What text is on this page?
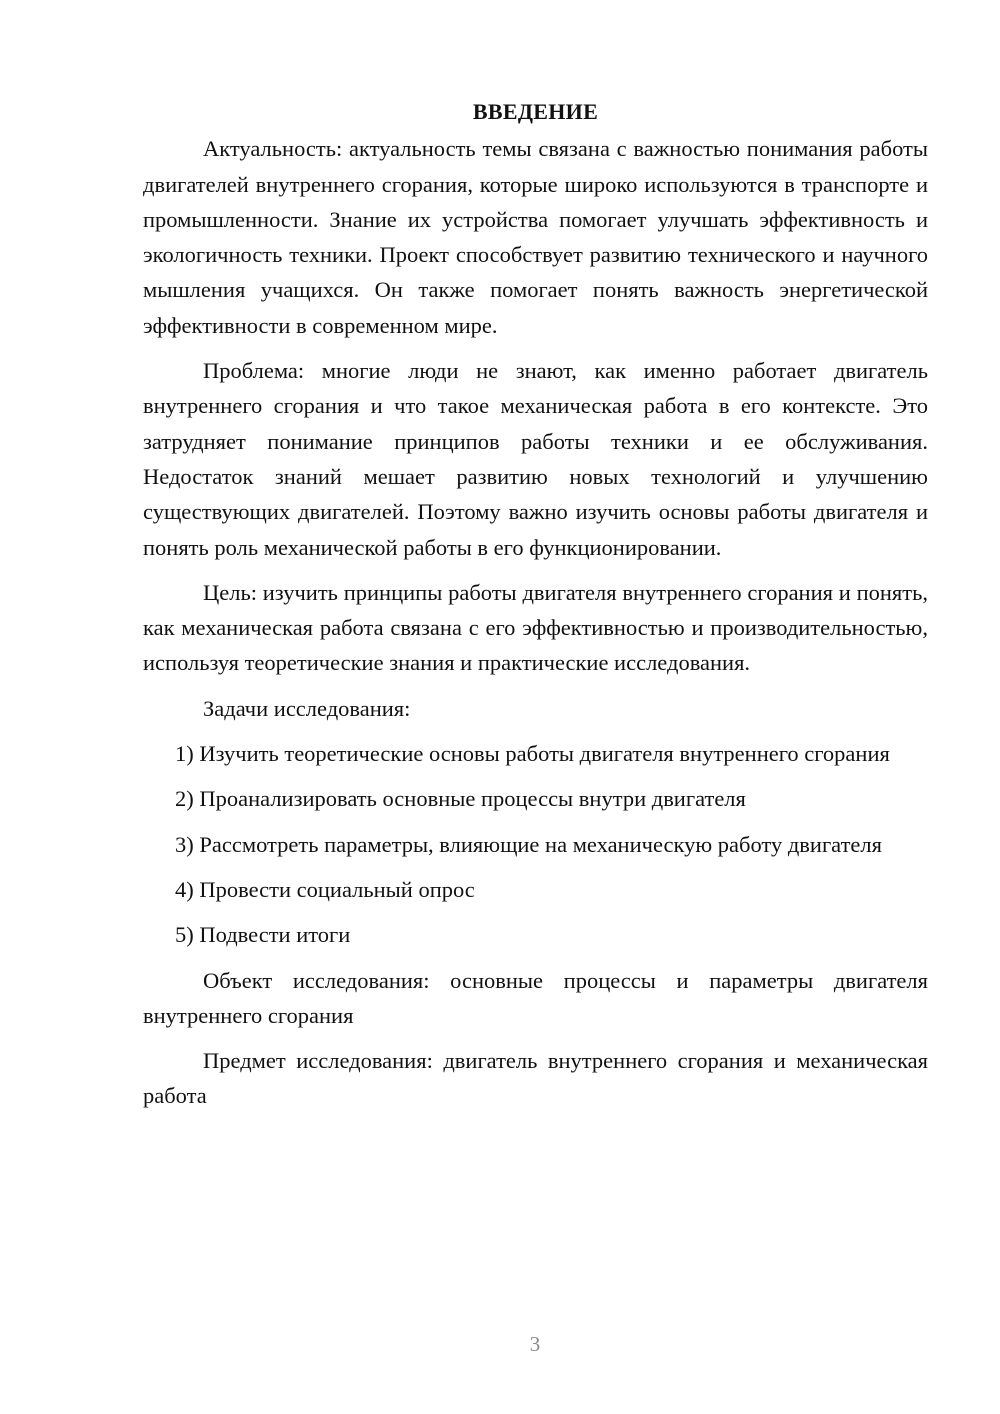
ВВЕДЕНИЕ

Актуальность: актуальность темы связана с важностью понимания работы двигателей внутреннего сгорания, которые широко используются в транспорте и промышленности. Знание их устройства помогает улучшать эффективность и экологичность техники. Проект способствует развитию технического и научного мышления учащихся. Он также помогает понять важность энергетической эффективности в современном мире.

Проблема: многие люди не знают, как именно работает двигатель внутреннего сгорания и что такое механическая работа в его контексте. Это затрудняет понимание принципов работы техники и ее обслуживания. Недостаток знаний мешает развитию новых технологий и улучшению существующих двигателей. Поэтому важно изучить основы работы двигателя и понять роль механической работы в его функционировании.

Цель: изучить принципы работы двигателя внутреннего сгорания и понять, как механическая работа связана с его эффективностью и производительностью, используя теоретические знания и практические исследования.

Задачи исследования:

1) Изучить теоретические основы работы двигателя внутреннего сгорания

2) Проанализировать основные процессы внутри двигателя

3) Рассмотреть параметры, влияющие на механическую работу двигателя

4) Провести социальный опрос

5) Подвести итоги

Объект исследования: основные процессы и параметры двигателя внутреннего сгорания

Предмет исследования: двигатель внутреннего сгорания и механическая работа

3
